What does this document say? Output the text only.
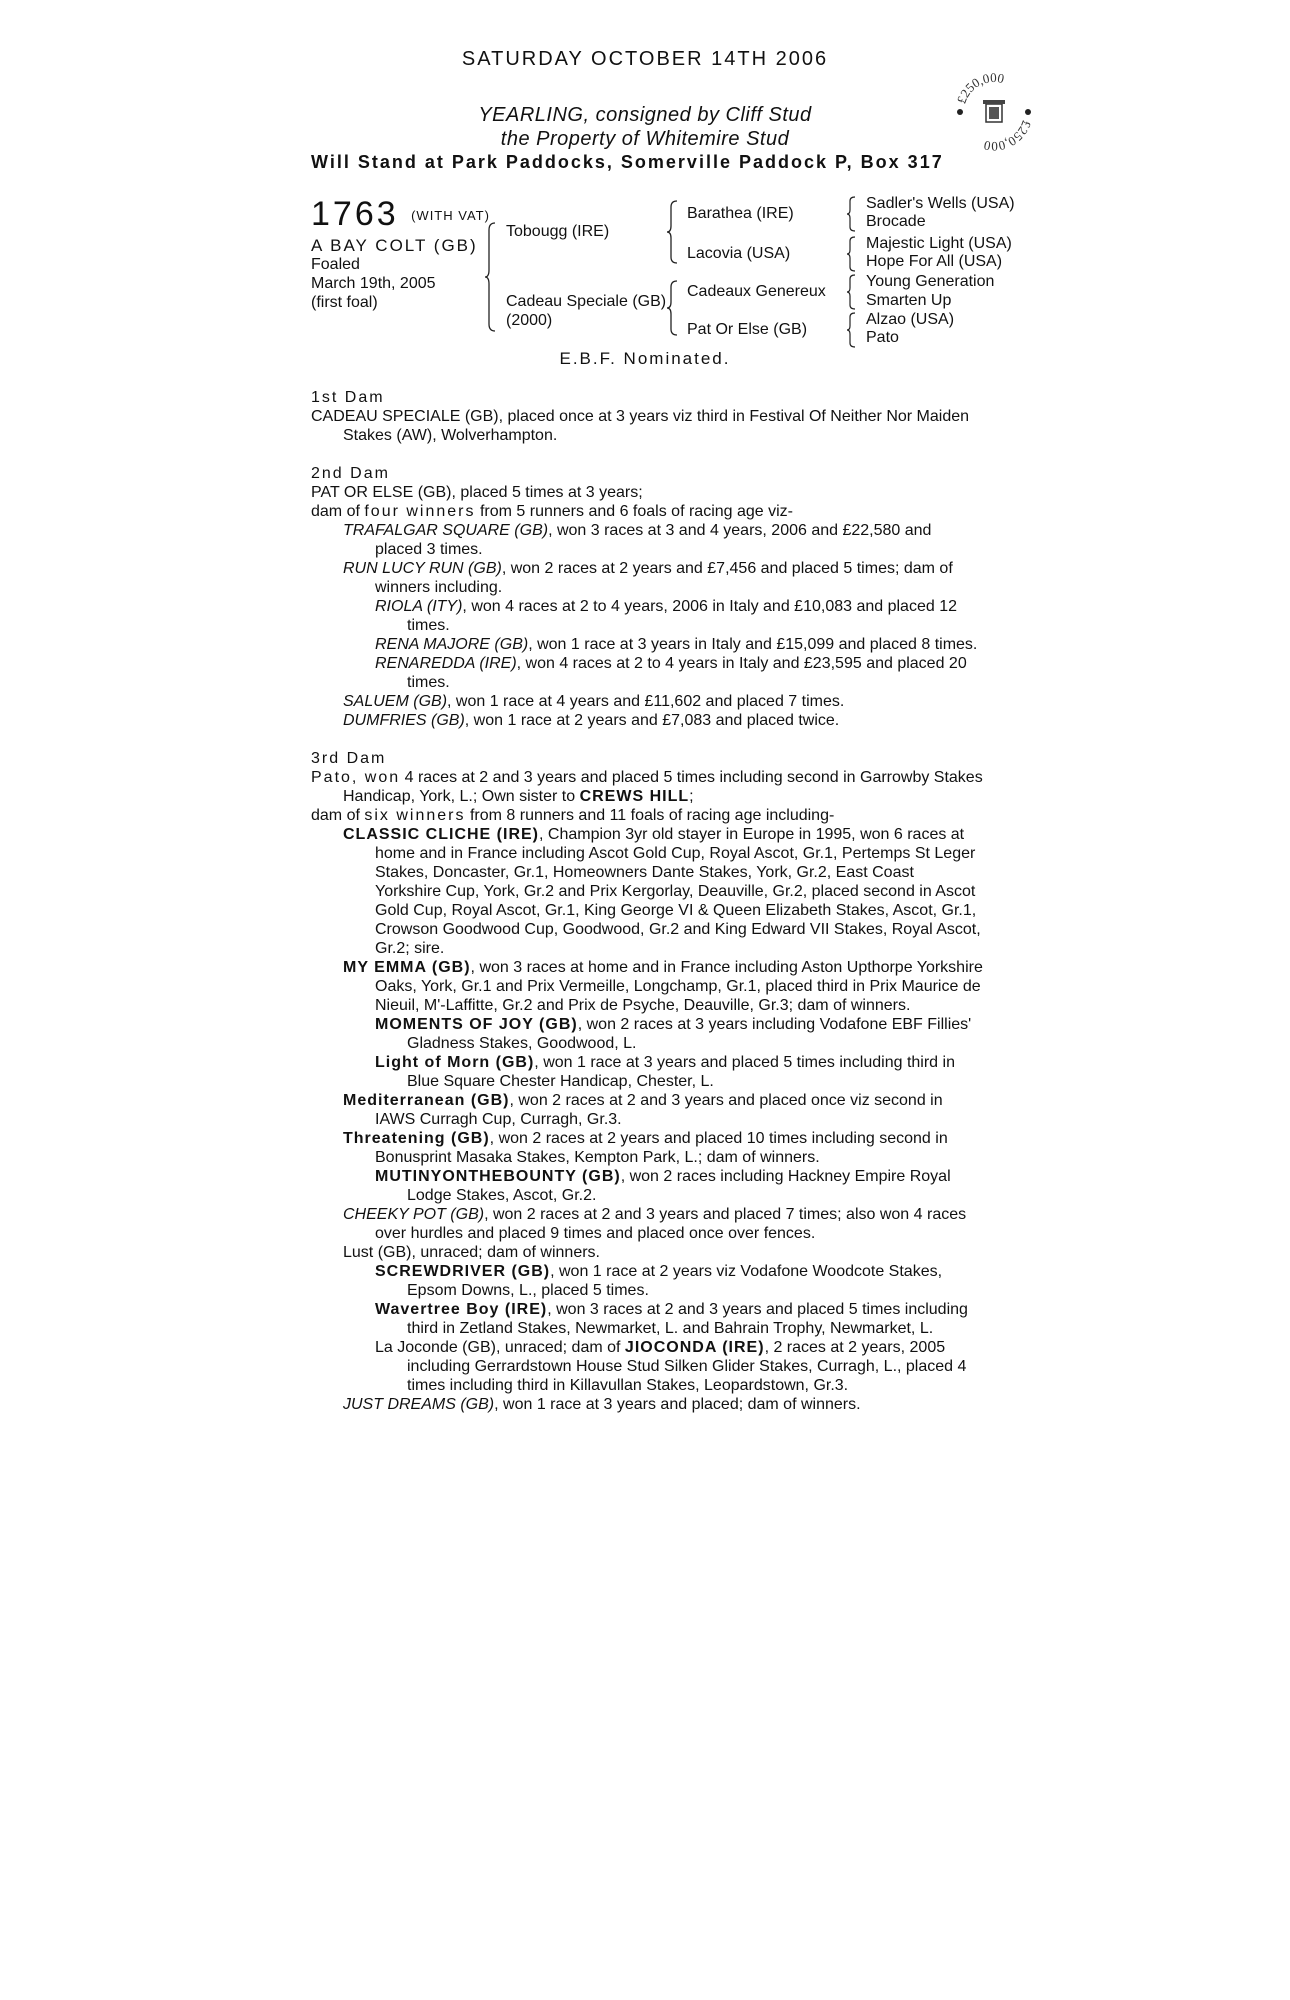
SATURDAY OCTOBER 14TH 2006
YEARLING, consigned by Cliff Stud
the Property of Whitemire Stud
Will Stand at Park Paddocks, Somerville Paddock P, Box 317
£250,000
£250,000
1763 (WITH VAT)
A BAY COLT (GB)
Foaled
March 19th, 2005
(first foal)
Tobougg (IRE)
Cadeau Speciale (GB)
(2000)
Barathea (IRE)
Lacovia (USA)
Cadeaux Genereux
Pat Or Else (GB)
Sadler's Wells (USA)
Brocade
Majestic Light (USA)
Hope For All (USA)
Young Generation
Smarten Up
Alzao (USA)
Pato
E.B.F. Nominated.
1st Dam
CADEAU SPECIALE (GB), placed once at 3 years viz third in Festival Of Neither Nor Maiden Stakes (AW), Wolverhampton.
2nd Dam
PAT OR ELSE (GB), placed 5 times at 3 years;
dam of four winners from 5 runners and 6 foals of racing age viz-
TRAFALGAR SQUARE (GB), won 3 races at 3 and 4 years, 2006 and £22,580 and placed 3 times.
RUN LUCY RUN (GB), won 2 races at 2 years and £7,456 and placed 5 times; dam of winners including.
RIOLA (ITY), won 4 races at 2 to 4 years, 2006 in Italy and £10,083 and placed 12 times.
RENA MAJORE (GB), won 1 race at 3 years in Italy and £15,099 and placed 8 times.
RENAREDDA (IRE), won 4 races at 2 to 4 years in Italy and £23,595 and placed 20 times.
SALUEM (GB), won 1 race at 4 years and £11,602 and placed 7 times.
DUMFRIES (GB), won 1 race at 2 years and £7,083 and placed twice.
3rd Dam
Pato, won 4 races at 2 and 3 years and placed 5 times including second in Garrowby Stakes Handicap, York, L.; Own sister to CREWS HILL;
dam of six winners from 8 runners and 11 foals of racing age including-
CLASSIC CLICHE (IRE), Champion 3yr old stayer in Europe in 1995, won 6 races at home and in France including Ascot Gold Cup, Royal Ascot, Gr.1, Pertemps St Leger Stakes, Doncaster, Gr.1, Homeowners Dante Stakes, York, Gr.2, East Coast Yorkshire Cup, York, Gr.2 and Prix Kergorlay, Deauville, Gr.2, placed second in Ascot Gold Cup, Royal Ascot, Gr.1, King George VI & Queen Elizabeth Stakes, Ascot, Gr.1, Crowson Goodwood Cup, Goodwood, Gr.2 and King Edward VII Stakes, Royal Ascot, Gr.2; sire.
MY EMMA (GB), won 3 races at home and in France including Aston Upthorpe Yorkshire Oaks, York, Gr.1 and Prix Vermeille, Longchamp, Gr.1, placed third in Prix Maurice de Nieuil, M'-Laffitte, Gr.2 and Prix de Psyche, Deauville, Gr.3; dam of winners.
MOMENTS OF JOY (GB), won 2 races at 3 years including Vodafone EBF Fillies' Gladness Stakes, Goodwood, L.
Light of Morn (GB), won 1 race at 3 years and placed 5 times including third in Blue Square Chester Handicap, Chester, L.
Mediterranean (GB), won 2 races at 2 and 3 years and placed once viz second in IAWS Curragh Cup, Curragh, Gr.3.
Threatening (GB), won 2 races at 2 years and placed 10 times including second in Bonusprint Masaka Stakes, Kempton Park, L.; dam of winners.
MUTINYONTHEBOUNTY (GB), won 2 races including Hackney Empire Royal Lodge Stakes, Ascot, Gr.2.
CHEEKY POT (GB), won 2 races at 2 and 3 years and placed 7 times; also won 4 races over hurdles and placed 9 times and placed once over fences.
Lust (GB), unraced; dam of winners.
SCREWDRIVER (GB), won 1 race at 2 years viz Vodafone Woodcote Stakes, Epsom Downs, L., placed 5 times.
Wavertree Boy (IRE), won 3 races at 2 and 3 years and placed 5 times including third in Zetland Stakes, Newmarket, L. and Bahrain Trophy, Newmarket, L.
La Joconde (GB), unraced; dam of JIOCONDA (IRE), 2 races at 2 years, 2005 including Gerrardstown House Stud Silken Glider Stakes, Curragh, L., placed 4 times including third in Killavullan Stakes, Leopardstown, Gr.3.
JUST DREAMS (GB), won 1 race at 3 years and placed; dam of winners.
